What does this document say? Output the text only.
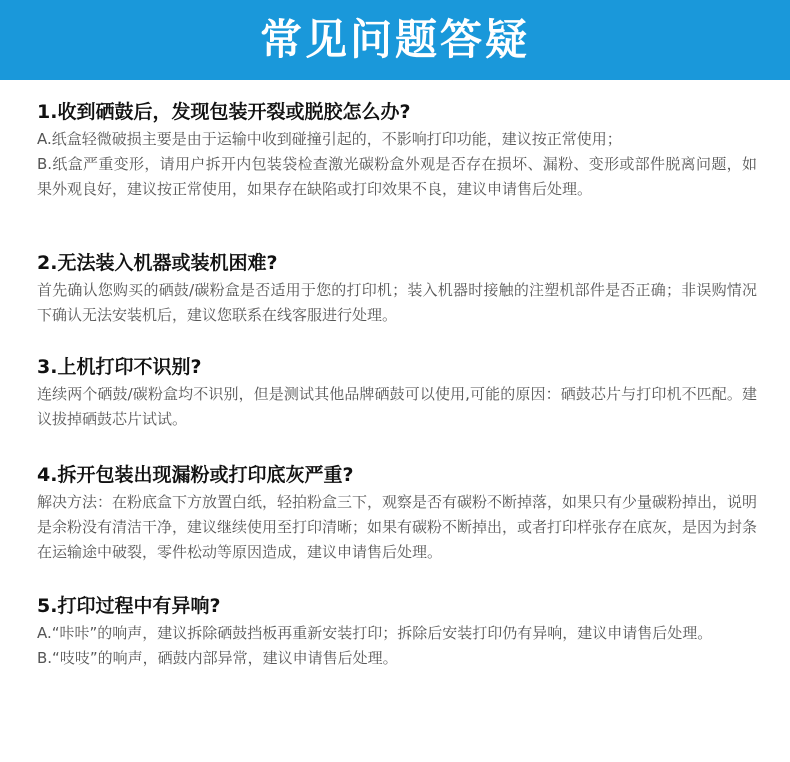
常见问题答疑

1.收到硒鼓后，发现包装开裂或脱胶怎么办?

A.纸盒轻微破损主要是由于运输中收到碰撞引起的，不影响打印功能，建议按正常使用；

B.纸盒严重变形，请用户拆开内包装袋检查激光碳粉盒外观是否存在损坏、漏粉、变形或部件脱离问题，如果外观良好，建议按正常使用，如果存在缺陷或打印效果不良，建议申请售后处理。

2.无法装入机器或装机困难?

首先确认您购买的硒鼓/碳粉盒是否适用于您的打印机；装入机器时接触的注塑机部件是否正确；非误购情况下确认无法安装机后，建议您联系在线客服进行处理。

3.上机打印不识别?

连续两个硒鼓/碳粉盒均不识别，但是测试其他品牌硒鼓可以使用,可能的原因：硒鼓芯片与打印机不匹配。建议拔掉硒鼓芯片试试。

4.拆开包装出现漏粉或打印底灰严重?

解决方法：在粉底盒下方放置白纸，轻拍粉盒三下，观察是否有碳粉不断掉落，如果只有少量碳粉掉出，说明是余粉没有清洁干净，建议继续使用至打印清晰；如果有碳粉不断掉出，或者打印样张存在底灰，是因为封条在运输途中破裂，零件松动等原因造成，建议申请售后处理。

5.打印过程中有异响?

A.“咔咔”的响声，建议拆除硒鼓挡板再重新安装打印；拆除后安装打印仍有异响，建议申请售后处理。

B.“吱吱”的响声，硒鼓内部异常，建议申请售后处理。
